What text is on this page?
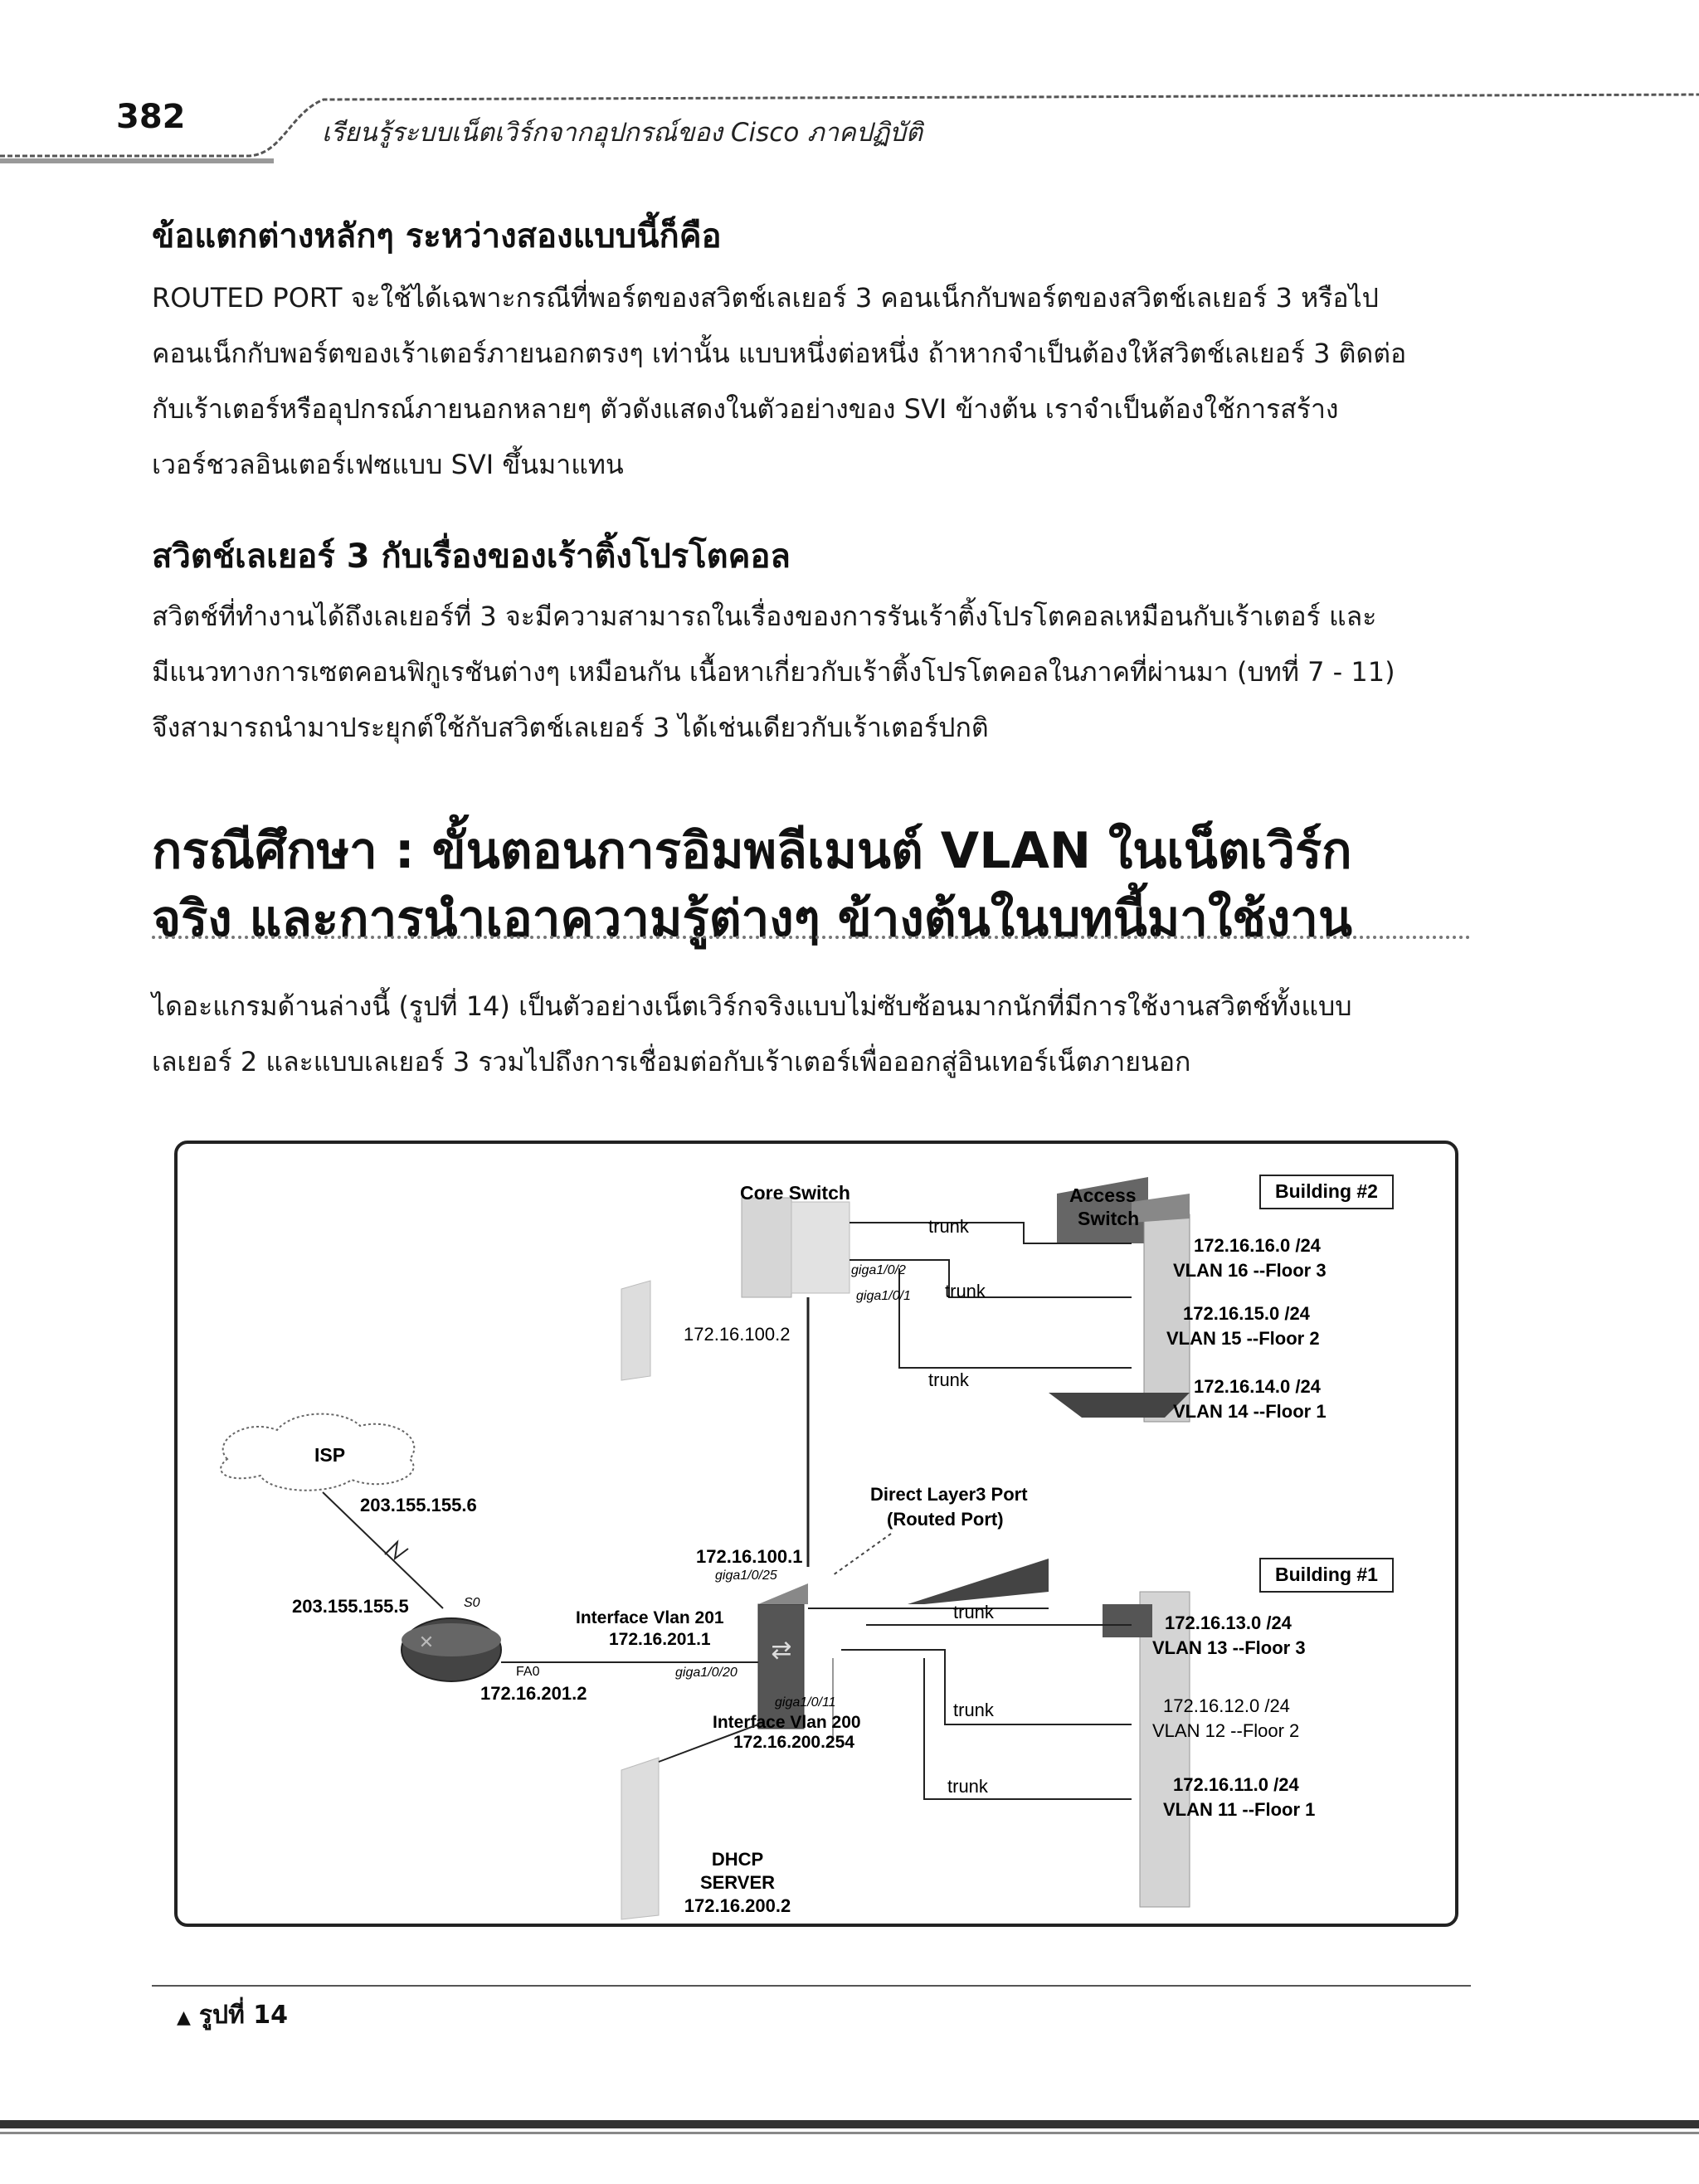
382	เรียนรู้ระบบเน็ตเวิร์กจากอุปกรณ์ของ Cisco ภาคปฏิบัติ
ข้อแตกต่างหลักๆ ระหว่างสองแบบนี้ก็คือ
ROUTED PORT จะใช้ได้เฉพาะกรณีที่พอร์ตของสวิตช์เลเยอร์ 3 คอนเน็กกับพอร์ตของสวิตช์เลเยอร์ 3 หรือไป
คอนเน็กกับพอร์ตของเร้าเตอร์ภายนอกตรงๆ เท่านั้น แบบหนึ่งต่อหนึ่ง ถ้าหากจำเป็นต้องให้สวิตช์เลเยอร์ 3 ติดต่อ
กับเร้าเตอร์หรืออุปกรณ์ภายนอกหลายๆ ตัวดังแสดงในตัวอย่างของ SVI ข้างต้น เราจำเป็นต้องใช้การสร้าง
เวอร์ชวลอินเตอร์เฟซแบบ SVI ขึ้นมาแทน
สวิตช์เลเยอร์ 3 กับเรื่องของเร้าติ้งโปรโตคอล
สวิตช์ที่ทำงานได้ถึงเลเยอร์ที่ 3 จะมีความสามารถในเรื่องของการรันเร้าติ้งโปรโตคอลเหมือนกับเร้าเตอร์ และ
มีแนวทางการเซตคอนฟิกูเรชันต่างๆ เหมือนกัน เนื้อหาเกี่ยวกับเร้าติ้งโปรโตคอลในภาคที่ผ่านมา (บทที่ 7 - 11)
จึงสามารถนำมาประยุกต์ใช้กับสวิตช์เลเยอร์ 3 ได้เช่นเดียวกับเร้าเตอร์ปกติ
กรณีศึกษา : ขั้นตอนการอิมพลีเมนต์ VLAN ในเน็ตเวิร์ก
จริง และการนำเอาความรู้ต่างๆ ข้างต้นในบทนี้มาใช้งาน
ไดอะแกรมด้านล่างนี้ (รูปที่ 14) เป็นตัวอย่างเน็ตเวิร์กจริงแบบไม่ซับซ้อนมากนักที่มีการใช้งานสวิตช์ทั้งแบบ
เลเยอร์ 2 และแบบเลเยอร์ 3 รวมไปถึงการเชื่อมต่อกับเร้าเตอร์เพื่อออกสู่อินเทอร์เน็ตภายนอก
Building #2
Building #1
Core Switch	Access
Switch
trunk
trunk
trunk
giga1/0/2
giga1/0/1
172.16.16.0 /24
VLAN 16 --Floor 3
172.16.15.0 /24
VLAN 15 --Floor 2
172.16.14.0 /24
VLAN 14 --Floor 1
172.16.100.2
Direct Layer3 Port
(Routed Port)
ISP
203.155.155.6
✕
203.155.155.5	S0
FA0
172.16.201.2
⇄
172.16.100.1
giga1/0/25
Interface Vlan 201
172.16.201.1
giga1/0/20
giga1/0/11
Interface Vlan 200
172.16.200.254
trunk
trunk
trunk
172.16.13.0 /24
VLAN 13 --Floor 3
172.16.12.0 /24
VLAN 12 --Floor 2
172.16.11.0 /24
VLAN 11 --Floor 1
DHCP
SERVER
172.16.200.2
▲ รูปที่ 14
